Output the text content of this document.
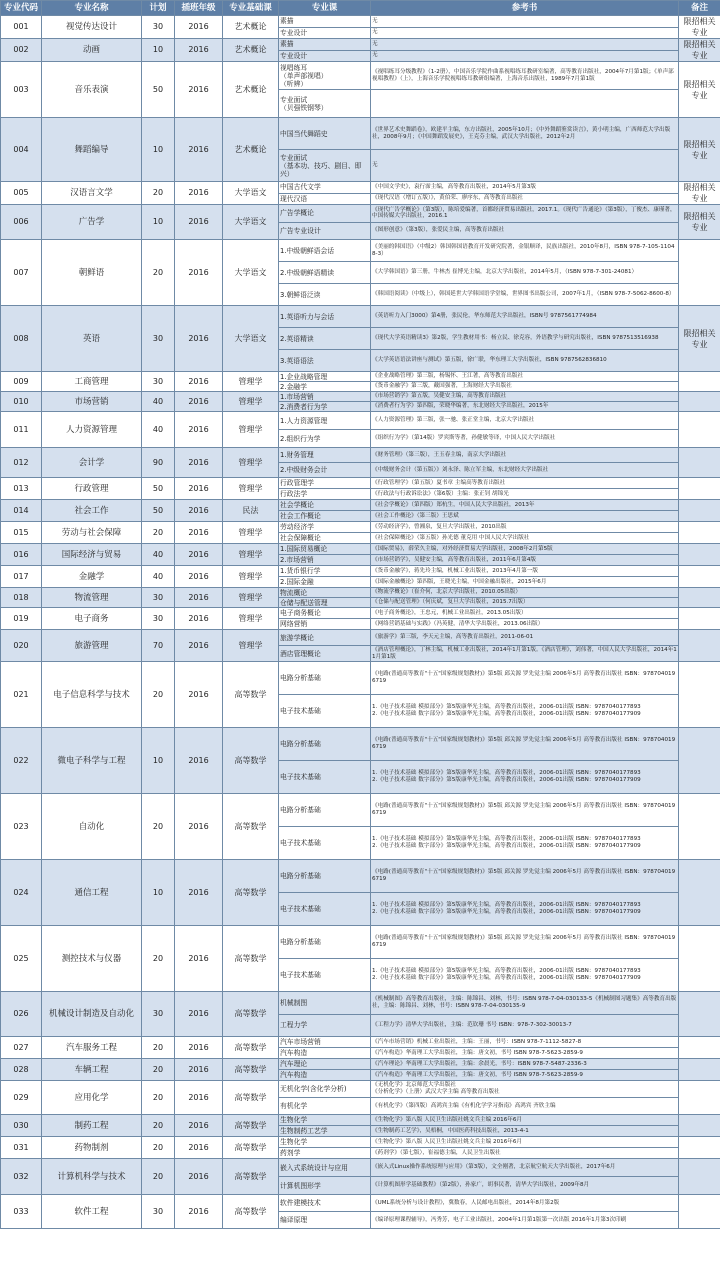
专业代码	专业名称	计划	插班年级	专业基础课	专业课	参考书	备注
001	视觉传达设计	30	2016	艺术概论	素描	无	限招相关专业
					专业设计	无	
002	动画	10	2016	艺术概论	素描	无	限招相关专业
					专业设计	无	
003	音乐表演	50	2016	艺术概论	视唱练耳
（单声部视唱）
（听辨）	《视唱练耳分级教程》（1-2册），中国音乐学院作曲系视唱练耳教研室编著，高等教育出版社，2004年7月第1版；《单声部视唱教程》（上），上海音乐学院视唱练耳教研组编著，上海音乐出版社，1989年7月第1版	限招相关专业
					专业面试
（贝强铁钢琴）		
004	舞蹈编导	10	2016	艺术概论	中国当代舞蹈史	《世界艺术史舞蹈卷》，欧建平主编，东方出版社，2005年10月；《中外舞蹈鉴赏读言》，黄小明主编，广西师范大学出版社，2008年9月；《中国舞蹈发展史》，王克芬主编，武汉大学出版社，2012年2月	限招相关专业
					专业面试
（基本功、技巧、剧目、即兴）	无	
005	汉语言文学	20	2016	大学语文	中国古代文学	《中国文学史》，袁行霈主编，高等教育出版社，2014年5月第3版	限招相关专业
					现代汉语	《现代汉语（增订五版）》，黄伯荣、廖序东，高等教育出版社	
006	广告学	10	2016	大学语文	广告学概论	《现代广告学概论》（第3版），陈培爱编著，首都经济贸易出版社，2017.1。《现代广告通论》（第3版），丁俊杰、康瑾著，中国传媒大学出版社，2016.1	限招相关专业
					广告专业设计	《图形创意》（第3版），张爱民主编，高等教育出版社	
007	朝鲜语	20	2016	大学语文	1.中级朝鲜语会话	《美丽的韩国语》（中级2）韩国韩国语教育开发研究院著，金银顺译，民族出版社，2010年8月，ISBN 978-7-105-11048-3）	
					2.中级朝鲜语精读	《大学韩国语》第三册，牛林杰 崔博光主编，北京大学出版社，2014年5月，（ISBN 978-7-301-24081）	
					3.朝鲜语泛读	《韩国语阅读》（中级上），韩国延世大学韩国语学堂编，世界图书出版公司，2007年1月，（ISBN 978-7-5062-8600-8）	
008	英语	30	2016	大学语文	1.英语听力与会话	《英语听力入门3000》第4册，张民伦，华东师范大学出版社，ISBN号 9787561774984	限招相关专业
					2.英语精读	《现代大学英语精读3》第2版，学生教材用书：杨立民、徐克容，外语教学与研究出版社，ISBN 9787513516938	
					3.英语语法	《大学英语语法讲座与测试》第五版，徐广联，华东理工大学出版社，ISBN 9787562836810	
009	工商管理	30	2016	管理学	1.企业战略管理	《企业战略管理》第三版，杨锡怀、王江著，高等教育出版社	
					2.金融学	《货币金融学》第三版，戴国强著，上海财经大学出版社	
010	市场营销	40	2016	管理学	1.市场营销	《市场营销学》第五版，吴健安主编，高等教育出版社	
					2.消费者行为学	《消费者行为学》第四版，荣晓华编著，东北财经大学出版社，2015年	
011	人力资源管理	40	2016	管理学	1.人力资源管理	《人力资源管理》第三版，张一驰、张正堂主编，北京大学出版社	
					2.组织行为学	《组织行为学》（第14版）罗宾斯等著，孙健敏等译，中国人民大学出版社	
012	会计学	90	2016	管理学	1.财务管理	《财务管理》（第三版），王玉春主编，南京大学出版社	
					2.中级财务会计	《中级财务会计（第五版）》刘永泽、陈立军主编，东北财经大学出版社	
013	行政管理	50	2016	管理学	行政管理学	《行政管理学》（第五版）夏书章 主编高等教育出版社	
					行政法学	《行政法与行政诉讼法》（第6版）主编：张正钊 胡锦光	
014	社会工作	50	2016	民法	社会学概论	《社会学概论》（第四版）郑杭生，中国人民大学出版社，2013年	
					社会工作概论	《社会工作概论》（第三版）王思斌	
015	劳动与社会保障	20	2016	管理学	劳动经济学	《劳动经济学》，曾湘泉，复旦大学出版社，2010出版	
					社会保障概论	《社会保障概论》（第五版）孙光德 董克用 中国人民大学出版社	
016	国际经济与贸易	40	2016	管理学	1.国际贸易概论	《国际贸易》，薛荣久主编，对外经济贸易大学出版社，2008年2月第5版	
					2.市场营销	《市场营销学》，吴健安主编，高等教育出版社，2011年6月第4版	
017	金融学	40	2016	管理学	1.货币银行学	《货币金融学》，蒋先玲主编，机械工业出版社，2013年4月第一版	
					2.国际金融	《国际金融概论》第四版，王晓光主编，中国金融出版社，2015年6月	
018	物流管理	30	2016	管理学	物流概论	《物流学概论》（崔介何，北京大学出版社，2010.05出版）	
					仓储与配送管理	《仓储与配送管理》（何庆斌，复旦大学出版社，2015.7出版）	
019	电子商务	30	2016	管理学	电子商务概论	《电子商务概论》，王忠元，机械工业出版社，2013.05出版）	
					网络营销	《网络营销基础与实践》（冯英健，清华大学出版社，2013.06出版）	
020	旅游管理	70	2016	管理学	旅游学概论	《旅游学》第三版，李天元主编，高等教育出版社，2011-06-01	
					酒店管理概论	《酒店管理概论》，丁林主编，机械工业出版社，2014年1月第1版。《酒店管理》，刘伟著，中国人民大学出版社，2014年11月第1版	
021	电子信息科学与技术	20	2016	高等数学	电路分析基础	《电路(普通高等教育"十五"国家级规划教材)》第5版 邱关源 罗先觉主编 2006年5月 高等教育出版社 ISBN：9787040196719	
					电子技术基础	1.《电子技术基础 模拟部分》第5版康华光主编，高等教育出版社，2006-01出版 ISBN：9787040177893
2.《电子技术基础 数字部分》第5版康华光主编，高等教育出版社，2006-01出版 ISBN：9787040177909	
022	微电子科学与工程	10	2016	高等数学	电路分析基础	《电路(普通高等教育"十五"国家级规划教材)》第5版 邱关源 罗先觉主编 2006年5月 高等教育出版社 ISBN：9787040196719	
					电子技术基础	1.《电子技术基础 模拟部分》第5版康华光主编，高等教育出版社，2006-01出版 ISBN：9787040177893
2.《电子技术基础 数字部分》第5版康华光主编，高等教育出版社，2006-01出版 ISBN：9787040177909	
023	自动化	20	2016	高等数学	电路分析基础	《电路(普通高等教育"十五"国家级规划教材)》第5版 邱关源 罗先觉主编 2006年5月 高等教育出版社 ISBN：9787040196719	
					电子技术基础	1.《电子技术基础 模拟部分》第5版康华光主编，高等教育出版社，2006-01出版 ISBN：9787040177893
2.《电子技术基础 数字部分》第5版康华光主编，高等教育出版社，2006-01出版 ISBN：9787040177909	
024	通信工程	10	2016	高等数学	电路分析基础	《电路(普通高等教育"十五"国家级规划教材)》第5版 邱关源 罗先觉主编 2006年5月 高等教育出版社 ISBN：9787040196719	
					电子技术基础	1.《电子技术基础 模拟部分》第5版康华光主编，高等教育出版社，2006-01出版 ISBN：9787040177893
2.《电子技术基础 数字部分》第5版康华光主编，高等教育出版社，2006-01出版 ISBN：9787040177909	
025	测控技术与仪器	20	2016	高等数学	电路分析基础	《电路(普通高等教育"十五"国家级规划教材)》第5版 邱关源 罗先觉主编 2006年5月 高等教育出版社 ISBN：9787040196719	
					电子技术基础	1.《电子技术基础 模拟部分》第5版康华光主编，高等教育出版社，2006-01出版 ISBN：9787040177893
2.《电子技术基础 数字部分》第5版康华光主编，高等教育出版社，2006-01出版 ISBN：9787040177909	
026	机械设计制造及自动化	30	2016	高等数学	机械制图	《机械制图》高等教育出版社，主编：陈锦昌、刘林，书号：ISBN 978-7-04-030133-5《机械制图习题集》高等教育出版社，主编：陈锦昌、刘林，书号：ISBN 978-7-04-030135-9	
					工程力学	《工程力学》清华大学出版社，主编：范钦珊 书号 ISBN：978-7-302-30013-7	
027	汽车服务工程	20	2016	高等数学	汽车市场营销	《汽车市场营销》机械工业出版社，主编：王丽，书号：ISBN 978-7-1112-5827-8	
					汽车构造	《汽车构造》华南理工大学出版社，主编：唐文初，书号 ISBN 978-7-5623-2859-9	
028	车辆工程	20	2016	高等数学	汽车理论	《汽车理论》华南理工大学出版社，主编：余晨光，书号：ISBN 978-7-5487-2336-3	
					汽车构造	《汽车构造》华南理工大学出版社，主编：唐文初，书号 ISBN 978-7-5623-2859-9	
029	应用化学	20	2016	高等数学	无机化学(含化学分析)	《无机化学》北京师范大学出版社
《分析化学》（上册）武汉大学主编 高等教育出版社	
					有机化学	《有机化学》（第四版）高鸿宾主编《有机化学学习指南》高鸿宾 齐欣主编	
030	制药工程	20	2016	高等数学	生物化学	《生物化学》第八版 人民卫生出版社姚文兵主编 2016年6月	
					生物制药工艺学	《生物制药工艺学》，吴梧桐，中国医药科技出版社，2013-4-1	
031	药物制剂	20	2016	高等数学	生物化学	《生物化学》第八版 人民卫生出版社姚文兵主编 2016年6月	
					药剂学	《药剂学》（第七版），崔福德主编，人民卫生出版社	
032	计算机科学与技术	20	2016	高等数学	嵌入式系统设计与应用	《嵌入式Linux操作系统原理与应用》（第3版），文全刚著，北京航空航天大学出版社，2017年6月	
					计算机图形学	《计算机图形学基础教程》（第2版），孙家广，胡事民著，清华大学出版社，2009年8月	
033	软件工程	30	2016	高等数学	软件建模技术	《UML系统分析与设计教程》，冀数春，人民邮电出版社，2014年8月第2版	
					编译原理	《编译原理课程辅导》，冯秀芳，电子工业出版社，2004年1月第1版第一次出版 2016年1月第3次印刷	
